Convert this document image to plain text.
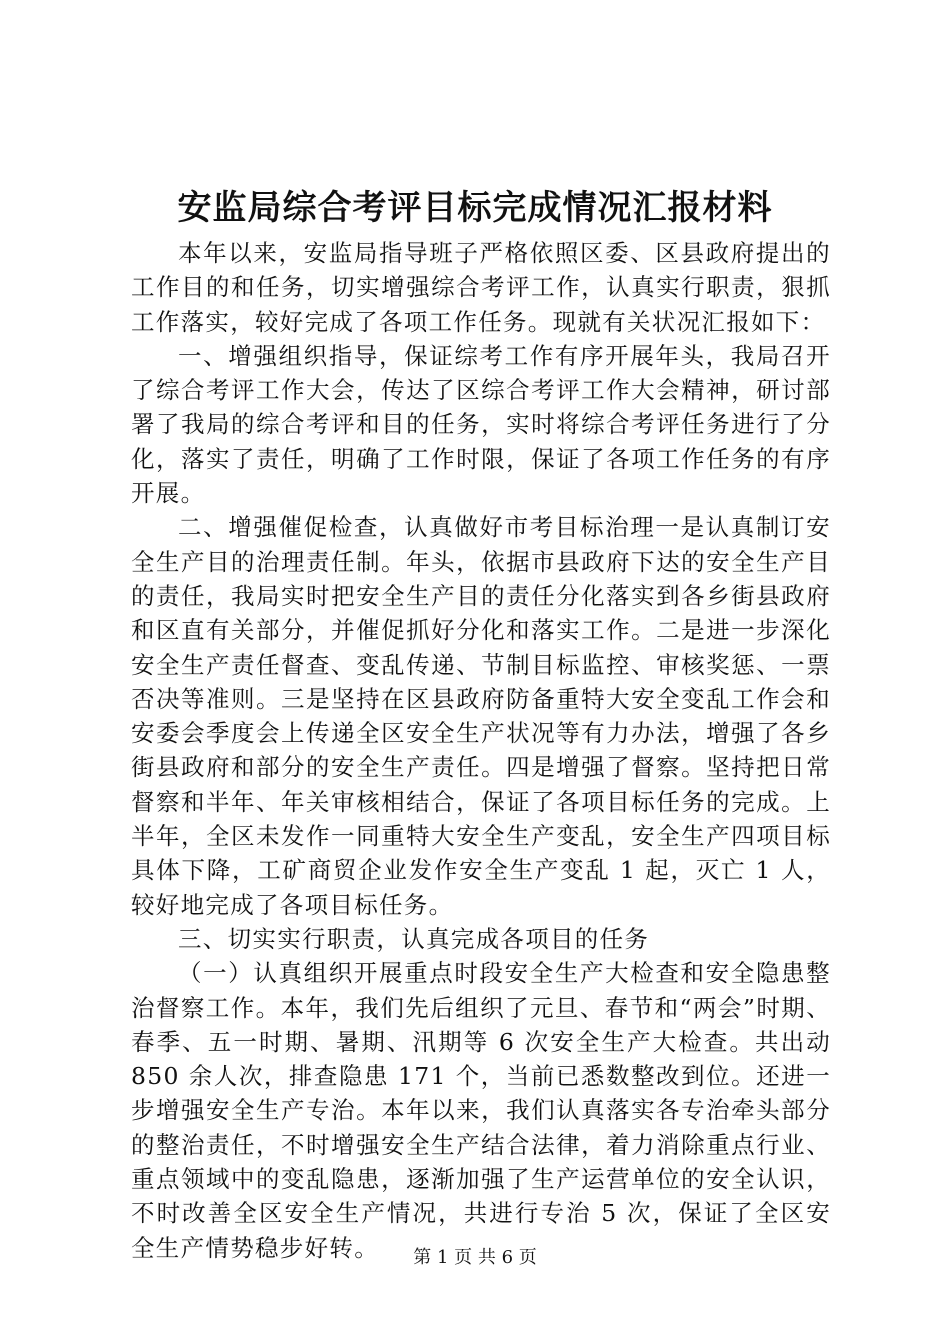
安监局综合考评目标完成情况汇报材料

本年以来，安监局指导班子严格依照区委、区县政府提出的工作目的和任务，切实增强综合考评工作，认真实行职责，狠抓工作落实，较好完成了各项工作任务。现就有关状况汇报如下：

一、增强组织指导，保证综考工作有序开展年头，我局召开了综合考评工作大会，传达了区综合考评工作大会精神，研讨部署了我局的综合考评和目的任务，实时将综合考评任务进行了分化，落实了责任，明确了工作时限，保证了各项工作任务的有序开展。

二、增强催促检查，认真做好市考目标治理一是认真制订安全生产目的治理责任制。年头，依据市县政府下达的安全生产目的责任，我局实时把安全生产目的责任分化落实到各乡街县政府和区直有关部分，并催促抓好分化和落实工作。二是进一步深化安全生产责任督查、变乱传递、节制目标监控、审核奖惩、一票否决等准则。三是坚持在区县政府防备重特大安全变乱工作会和安委会季度会上传递全区安全生产状况等有力办法，增强了各乡街县政府和部分的安全生产责任。四是增强了督察。坚持把日常督察和半年、年关审核相结合，保证了各项目标任务的完成。上半年，全区未发作一同重特大安全生产变乱，安全生产四项目标具体下降，工矿商贸企业发作安全生产变乱 1 起，灭亡 1 人，较好地完成了各项目标任务。

三、切实实行职责，认真完成各项目的任务

（一）认真组织开展重点时段安全生产大检查和安全隐患整治督察工作。本年，我们先后组织了元旦、春节和“两会”时期、春季、五一时期、暑期、汛期等 6 次安全生产大检查。共出动 850 余人次，排查隐患 171 个，当前已悉数整改到位。还进一步增强安全生产专治。本年以来，我们认真落实各专治牵头部分的整治责任，不时增强安全生产结合法律，着力消除重点行业、重点领域中的变乱隐患，逐渐加强了生产运营单位的安全认识，不时改善全区安全生产情况，共进行专治 5 次，保证了全区安全生产情势稳步好转。	第 1 页 共 6 页
